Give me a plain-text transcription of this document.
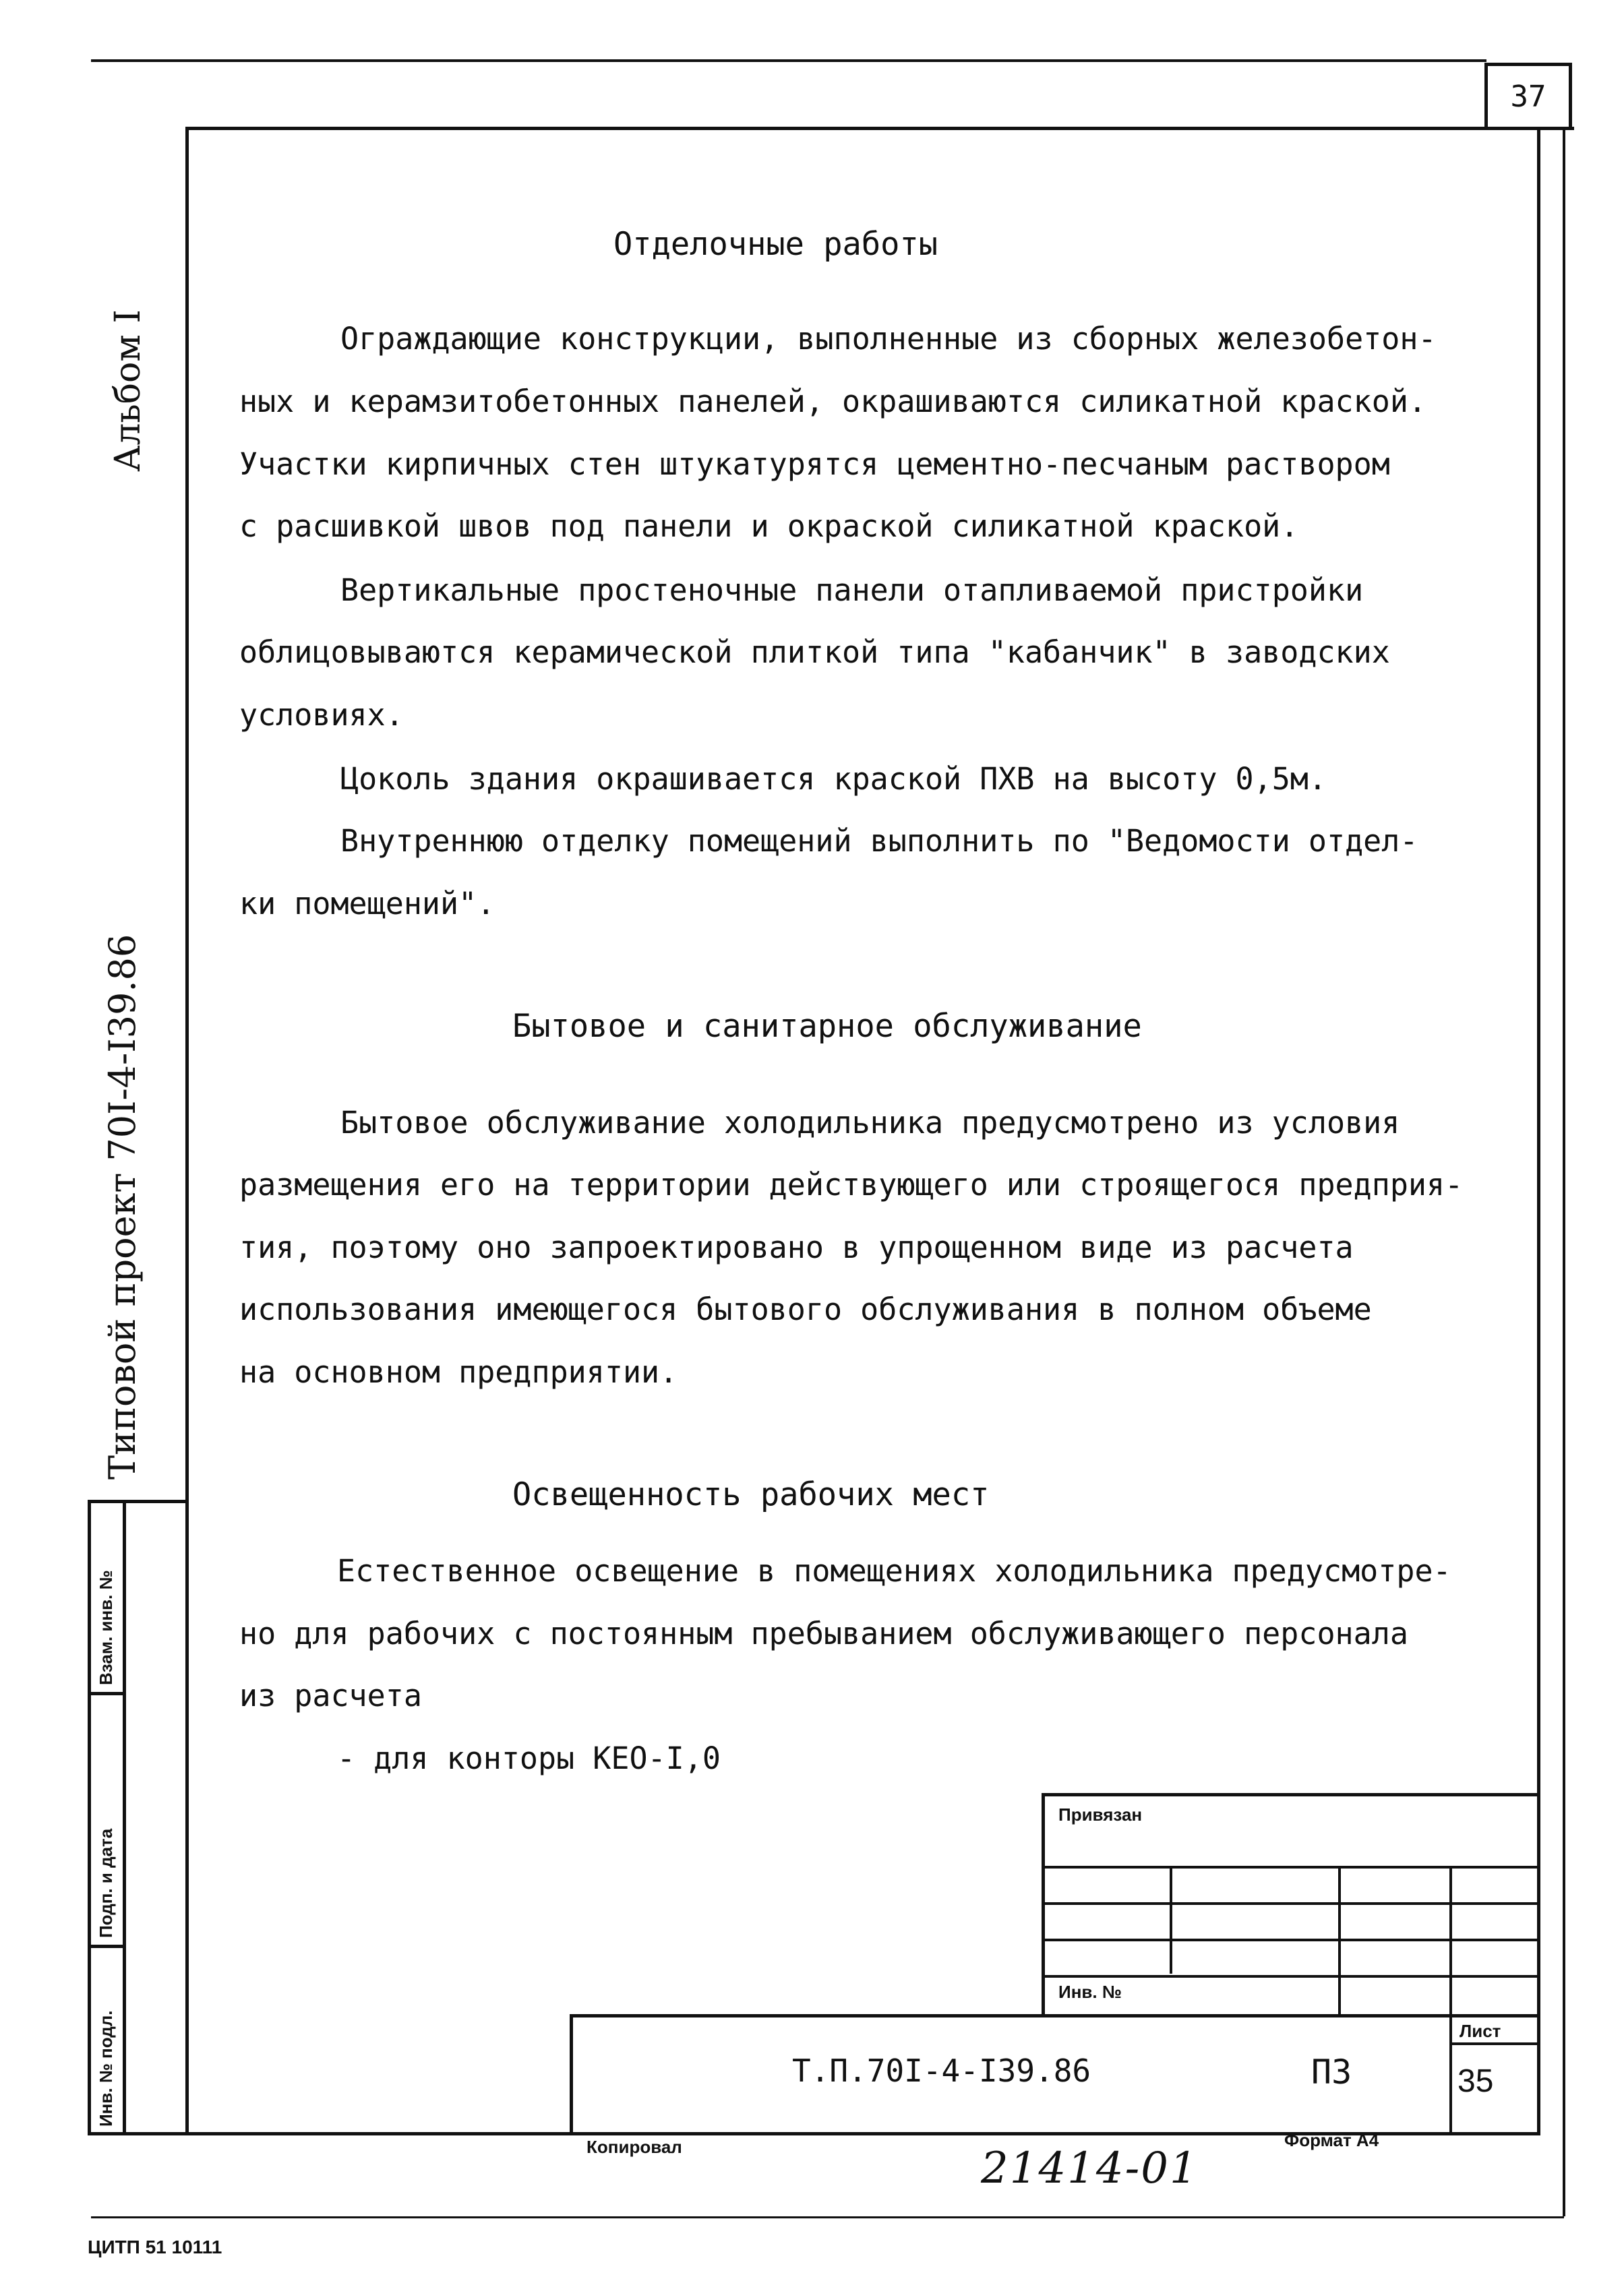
37
Альбом I
Типовой проект 70I-4-I39.86
Взам. инв. №
Подп. и дата
Инв. № подл.
Отделочные работы
Ограждающие конструкции, выполненные из сборных железобетон-
ных и керамзитобетонных панелей, окрашиваются силикатной краской.
Участки кирпичных стен штукатурятся цементно-песчаным раствором
с расшивкой швов под панели и окраской силикатной краской.
Вертикальные простеночные панели отапливаемой пристройки
облицовываются керамической плиткой типа "кабанчик" в заводских
условиях.
Цоколь здания окрашивается краской ПХВ на высоту 0,5м.
Внутреннюю отделку помещений выполнить по "Ведомости отдел-
ки помещений".
Бытовое и санитарное обслуживание
Бытовое обслуживание холодильника предусмотрено из условия
размещения его на территории действующего или строящегося предприя-
тия, поэтому оно запроектировано в упрощенном виде из расчета
использования имеющегося бытового обслуживания в полном объеме
на основном предприятии.
Освещенность рабочих мест
Естественное освещение в помещениях холодильника предусмотре-
но для рабочих с постоянным пребыванием обслуживающего персонала
из расчета
- для конторы КЕО-I,0
Привязан
Инв. №
Т.П.70I-4-I39.86	ПЗ
Лист
35
Копировал	Формат А4
21414-01
ЦИТП 51 10111
